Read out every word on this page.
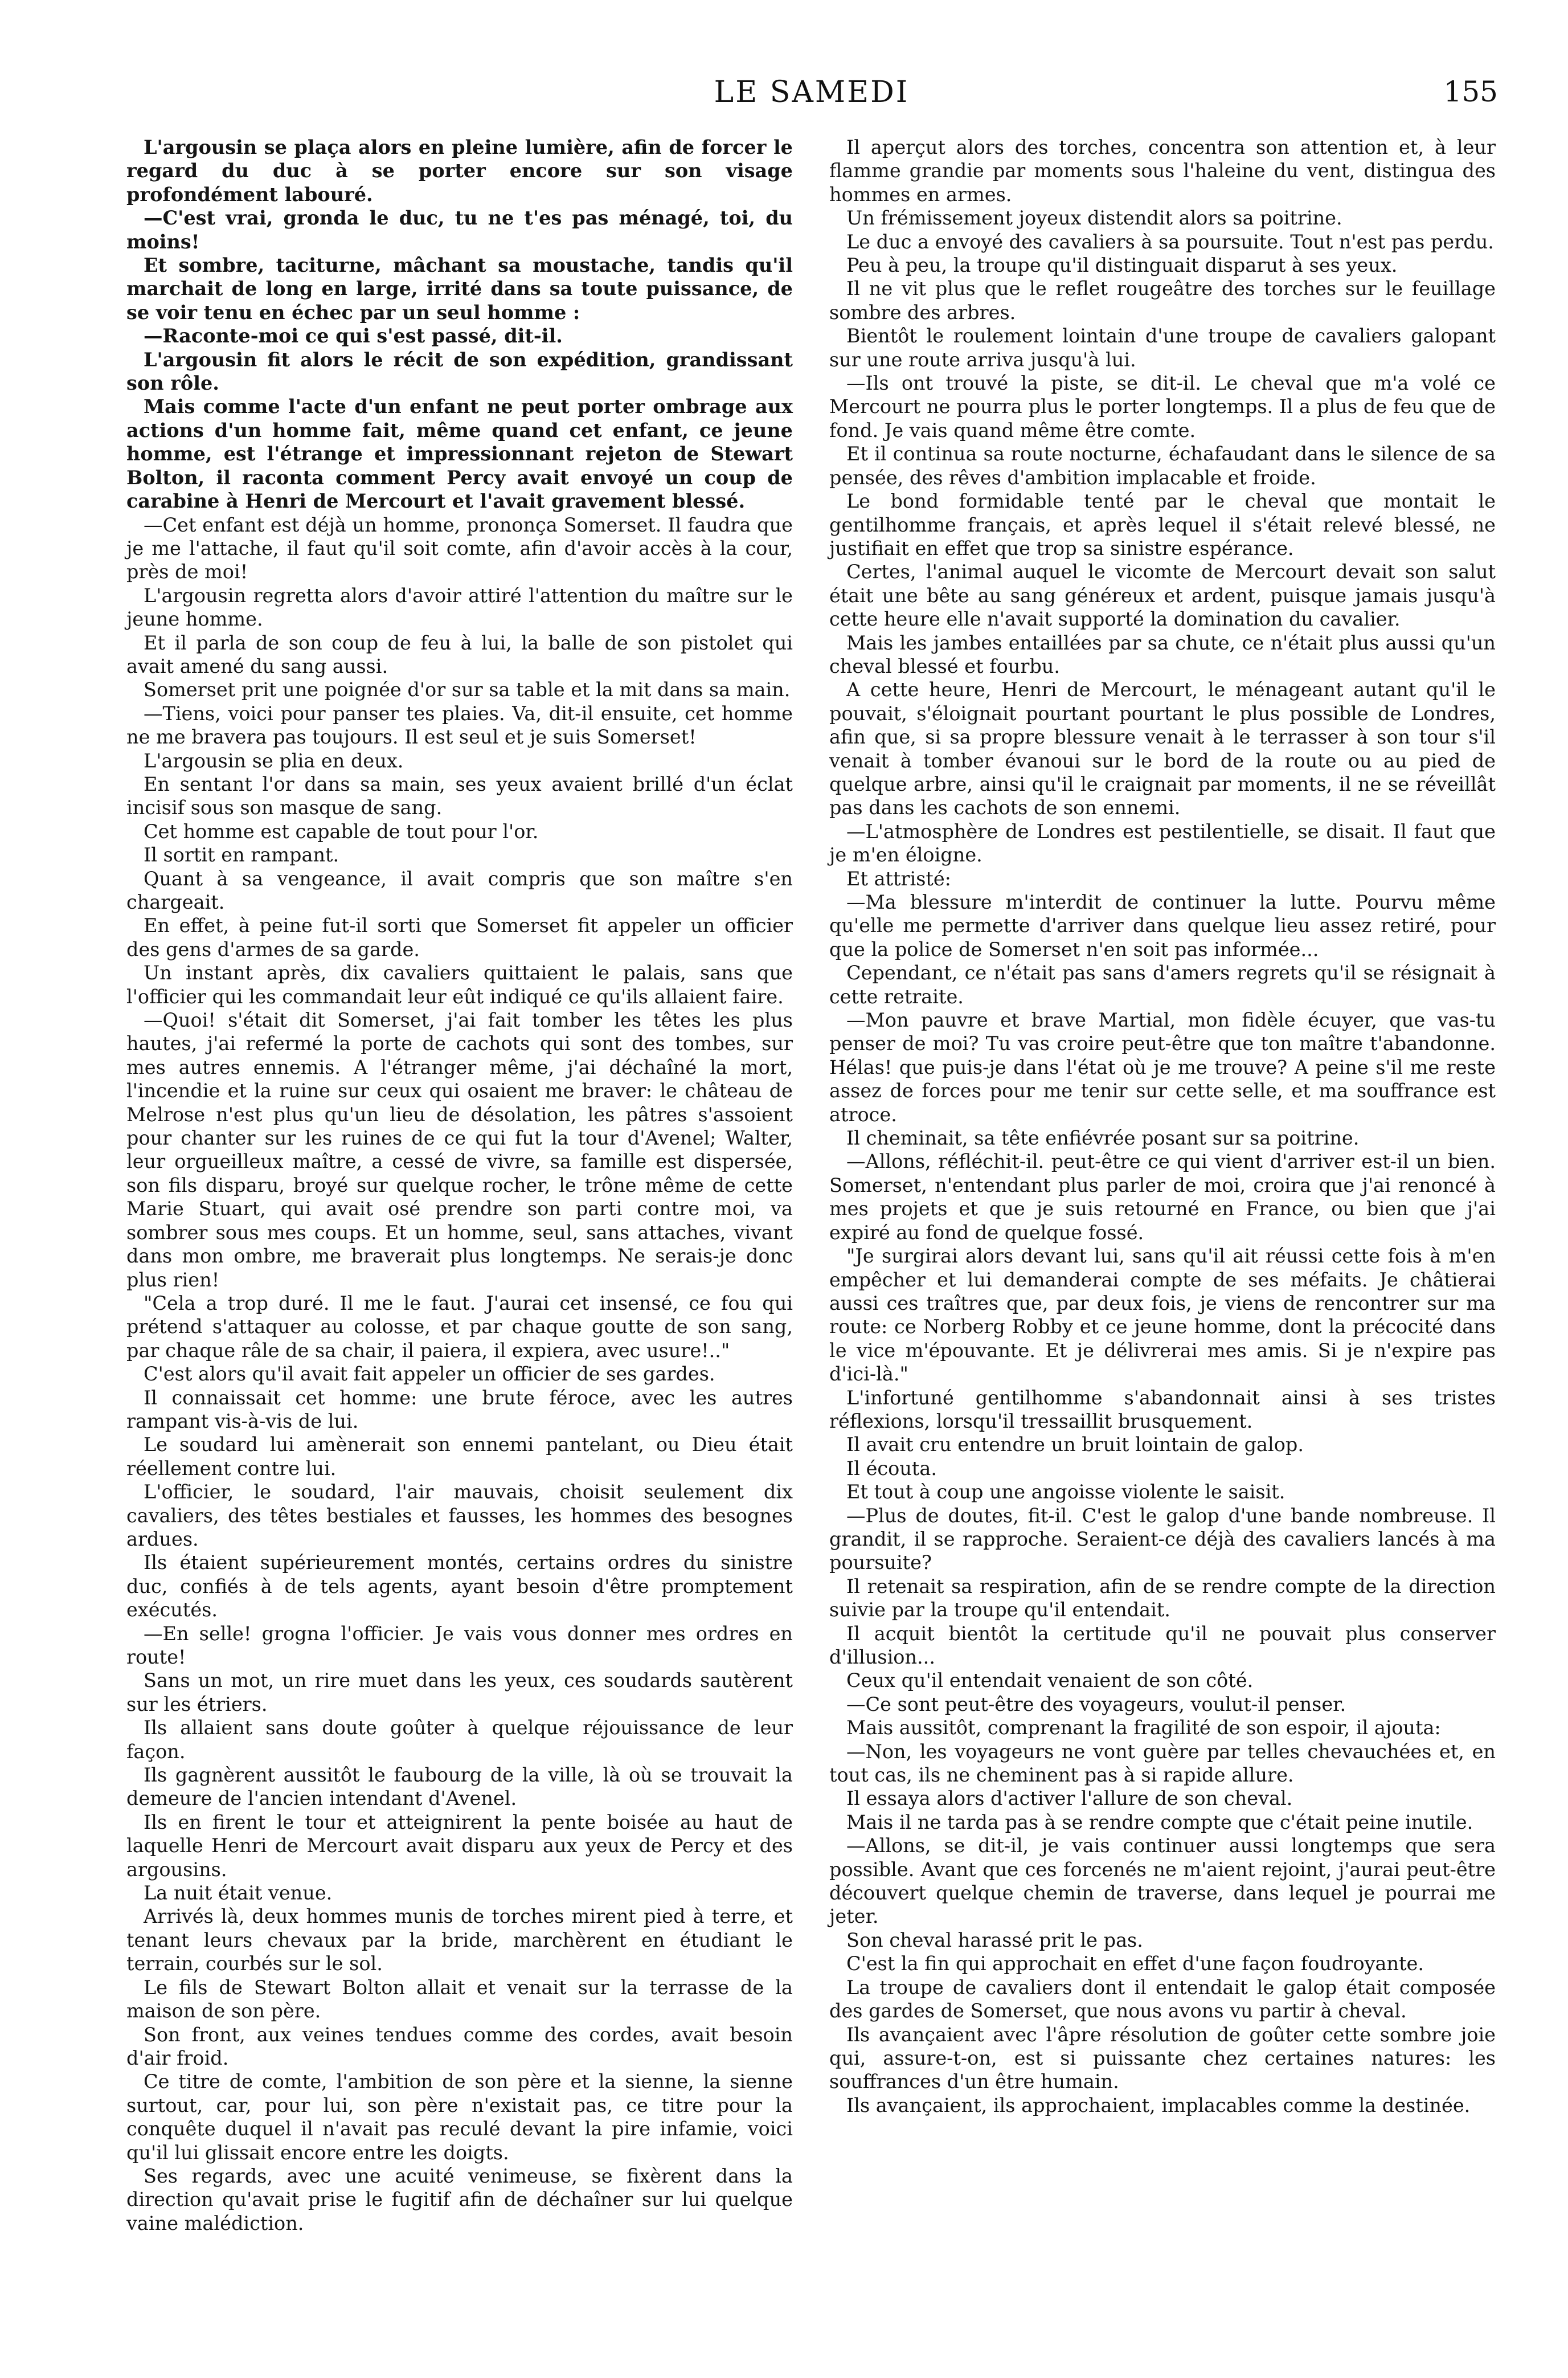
LE SAMEDI	155

L'argousin se plaça alors en pleine lumière, afin de forcer le regard du duc à se porter encore sur son visage profondément labouré.

—C'est vrai, gronda le duc, tu ne t'es pas ménagé, toi, du moins!

Et sombre, taciturne, mâchant sa moustache, tandis qu'il marchait de long en large, irrité dans sa toute puissance, de se voir tenu en échec par un seul homme :

—Raconte-moi ce qui s'est passé, dit-il.

L'argousin fit alors le récit de son expédition, grandissant son rôle.

Mais comme l'acte d'un enfant ne peut porter ombrage aux actions d'un homme fait, même quand cet enfant, ce jeune homme, est l'étrange et impressionnant rejeton de Stewart Bolton, il raconta comment Percy avait envoyé un coup de carabine à Henri de Mercourt et l'avait gravement blessé.

—Cet enfant est déjà un homme, prononça Somerset. Il faudra que je me l'attache, il faut qu'il soit comte, afin d'avoir accès à la cour, près de moi!

L'argousin regretta alors d'avoir attiré l'attention du maître sur le jeune homme.

Et il parla de son coup de feu à lui, la balle de son pistolet qui avait amené du sang aussi.

Somerset prit une poignée d'or sur sa table et la mit dans sa main.

—Tiens, voici pour panser tes plaies. Va, dit-il ensuite, cet homme ne me bravera pas toujours. Il est seul et je suis Somerset!

L'argousin se plia en deux.

En sentant l'or dans sa main, ses yeux avaient brillé d'un éclat incisif sous son masque de sang.

Cet homme est capable de tout pour l'or.

Il sortit en rampant.

Quant à sa vengeance, il avait compris que son maître s'en chargeait.

En effet, à peine fut-il sorti que Somerset fit appeler un officier des gens d'armes de sa garde.

Un instant après, dix cavaliers quittaient le palais, sans que l'officier qui les commandait leur eût indiqué ce qu'ils allaient faire.

—Quoi! s'était dit Somerset, j'ai fait tomber les têtes les plus hautes, j'ai refermé la porte de cachots qui sont des tombes, sur mes autres ennemis. A l'étranger même, j'ai déchaîné la mort, l'incendie et la ruine sur ceux qui osaient me braver: le château de Melrose n'est plus qu'un lieu de désolation, les pâtres s'assoient pour chanter sur les ruines de ce qui fut la tour d'Avenel; Walter, leur orgueilleux maître, a cessé de vivre, sa famille est dispersée, son fils disparu, broyé sur quelque rocher, le trône même de cette Marie Stuart, qui avait osé prendre son parti contre moi, va sombrer sous mes coups. Et un homme, seul, sans attaches, vivant dans mon ombre, me braverait plus longtemps. Ne serais-je donc plus rien!

"Cela a trop duré. Il me le faut. J'aurai cet insensé, ce fou qui prétend s'attaquer au colosse, et par chaque goutte de son sang, par chaque râle de sa chair, il paiera, il expiera, avec usure!.."

C'est alors qu'il avait fait appeler un officier de ses gardes.

Il connaissait cet homme: une brute féroce, avec les autres rampant vis-à-vis de lui.

Le soudard lui amènerait son ennemi pantelant, ou Dieu était réellement contre lui.

L'officier, le soudard, l'air mauvais, choisit seulement dix cavaliers, des têtes bestiales et fausses, les hommes des besognes ardues.

Ils étaient supérieurement montés, certains ordres du sinistre duc, confiés à de tels agents, ayant besoin d'être promptement exécutés.

—En selle! grogna l'officier. Je vais vous donner mes ordres en route!

Sans un mot, un rire muet dans les yeux, ces soudards sautèrent sur les étriers.

Ils allaient sans doute goûter à quelque réjouissance de leur façon.

Ils gagnèrent aussitôt le faubourg de la ville, là où se trouvait la demeure de l'ancien intendant d'Avenel.

Ils en firent le tour et atteignirent la pente boisée au haut de laquelle Henri de Mercourt avait disparu aux yeux de Percy et des argousins.

La nuit était venue.

Arrivés là, deux hommes munis de torches mirent pied à terre, et tenant leurs chevaux par la bride, marchèrent en étudiant le terrain, courbés sur le sol.

Le fils de Stewart Bolton allait et venait sur la terrasse de la maison de son père.

Son front, aux veines tendues comme des cordes, avait besoin d'air froid.

Ce titre de comte, l'ambition de son père et la sienne, la sienne surtout, car, pour lui, son père n'existait pas, ce titre pour la conquête duquel il n'avait pas reculé devant la pire infamie, voici qu'il lui glissait encore entre les doigts.

Ses regards, avec une acuité venimeuse, se fixèrent dans la direction qu'avait prise le fugitif afin de déchaîner sur lui quelque vaine malédiction.

Il aperçut alors des torches, concentra son attention et, à leur flamme grandie par moments sous l'haleine du vent, distingua des hommes en armes.

Un frémissement joyeux distendit alors sa poitrine.

Le duc a envoyé des cavaliers à sa poursuite. Tout n'est pas perdu.

Peu à peu, la troupe qu'il distinguait disparut à ses yeux.

Il ne vit plus que le reflet rougeâtre des torches sur le feuillage sombre des arbres.

Bientôt le roulement lointain d'une troupe de cavaliers galopant sur une route arriva jusqu'à lui.

—Ils ont trouvé la piste, se dit-il. Le cheval que m'a volé ce Mercourt ne pourra plus le porter longtemps. Il a plus de feu que de fond. Je vais quand même être comte.

Et il continua sa route nocturne, échafaudant dans le silence de sa pensée, des rêves d'ambition implacable et froide.

Le bond formidable tenté par le cheval que montait le gentilhomme français, et après lequel il s'était relevé blessé, ne justifiait en effet que trop sa sinistre espérance.

Certes, l'animal auquel le vicomte de Mercourt devait son salut était une bête au sang généreux et ardent, puisque jamais jusqu'à cette heure elle n'avait supporté la domination du cavalier.

Mais les jambes entaillées par sa chute, ce n'était plus aussi qu'un cheval blessé et fourbu.

A cette heure, Henri de Mercourt, le ménageant autant qu'il le pouvait, s'éloignait pourtant pourtant le plus possible de Londres, afin que, si sa propre blessure venait à le terrasser à son tour s'il venait à tomber évanoui sur le bord de la route ou au pied de quelque arbre, ainsi qu'il le craignait par moments, il ne se réveillât pas dans les cachots de son ennemi.

—L'atmosphère de Londres est pestilentielle, se disait. Il faut que je m'en éloigne.

Et attristé:

—Ma blessure m'interdit de continuer la lutte. Pourvu même qu'elle me permette d'arriver dans quelque lieu assez retiré, pour que la police de Somerset n'en soit pas informée...

Cependant, ce n'était pas sans d'amers regrets qu'il se résignait à cette retraite.

—Mon pauvre et brave Martial, mon fidèle écuyer, que vas-tu penser de moi? Tu vas croire peut-être que ton maître t'abandonne. Hélas! que puis-je dans l'état où je me trouve? A peine s'il me reste assez de forces pour me tenir sur cette selle, et ma souffrance est atroce.

Il cheminait, sa tête enfiévrée posant sur sa poitrine.

—Allons, réfléchit-il. peut-être ce qui vient d'arriver est-il un bien. Somerset, n'entendant plus parler de moi, croira que j'ai renoncé à mes projets et que je suis retourné en France, ou bien que j'ai expiré au fond de quelque fossé.

"Je surgirai alors devant lui, sans qu'il ait réussi cette fois à m'en empêcher et lui demanderai compte de ses méfaits. Je châtierai aussi ces traîtres que, par deux fois, je viens de rencontrer sur ma route: ce Norberg Robby et ce jeune homme, dont la précocité dans le vice m'épouvante. Et je délivrerai mes amis. Si je n'expire pas d'ici-là."

L'infortuné gentilhomme s'abandonnait ainsi à ses tristes réflexions, lorsqu'il tressaillit brusquement.

Il avait cru entendre un bruit lointain de galop.

Il écouta.

Et tout à coup une angoisse violente le saisit.

—Plus de doutes, fit-il. C'est le galop d'une bande nombreuse. Il grandit, il se rapproche. Seraient-ce déjà des cavaliers lancés à ma poursuite?

Il retenait sa respiration, afin de se rendre compte de la direction suivie par la troupe qu'il entendait.

Il acquit bientôt la certitude qu'il ne pouvait plus conserver d'illusion...

Ceux qu'il entendait venaient de son côté.

—Ce sont peut-être des voyageurs, voulut-il penser.

Mais aussitôt, comprenant la fragilité de son espoir, il ajouta:

—Non, les voyageurs ne vont guère par telles chevauchées et, en tout cas, ils ne cheminent pas à si rapide allure.

Il essaya alors d'activer l'allure de son cheval.

Mais il ne tarda pas à se rendre compte que c'était peine inutile.

—Allons, se dit-il, je vais continuer aussi longtemps que sera possible. Avant que ces forcenés ne m'aient rejoint, j'aurai peut-être découvert quelque chemin de traverse, dans lequel je pourrai me jeter.

Son cheval harassé prit le pas.

C'est la fin qui approchait en effet d'une façon foudroyante.

La troupe de cavaliers dont il entendait le galop était composée des gardes de Somerset, que nous avons vu partir à cheval.

Ils avançaient avec l'âpre résolution de goûter cette sombre joie qui, assure-t-on, est si puissante chez certaines natures: les souffrances d'un être humain.

Ils avançaient, ils approchaient, implacables comme la destinée.
